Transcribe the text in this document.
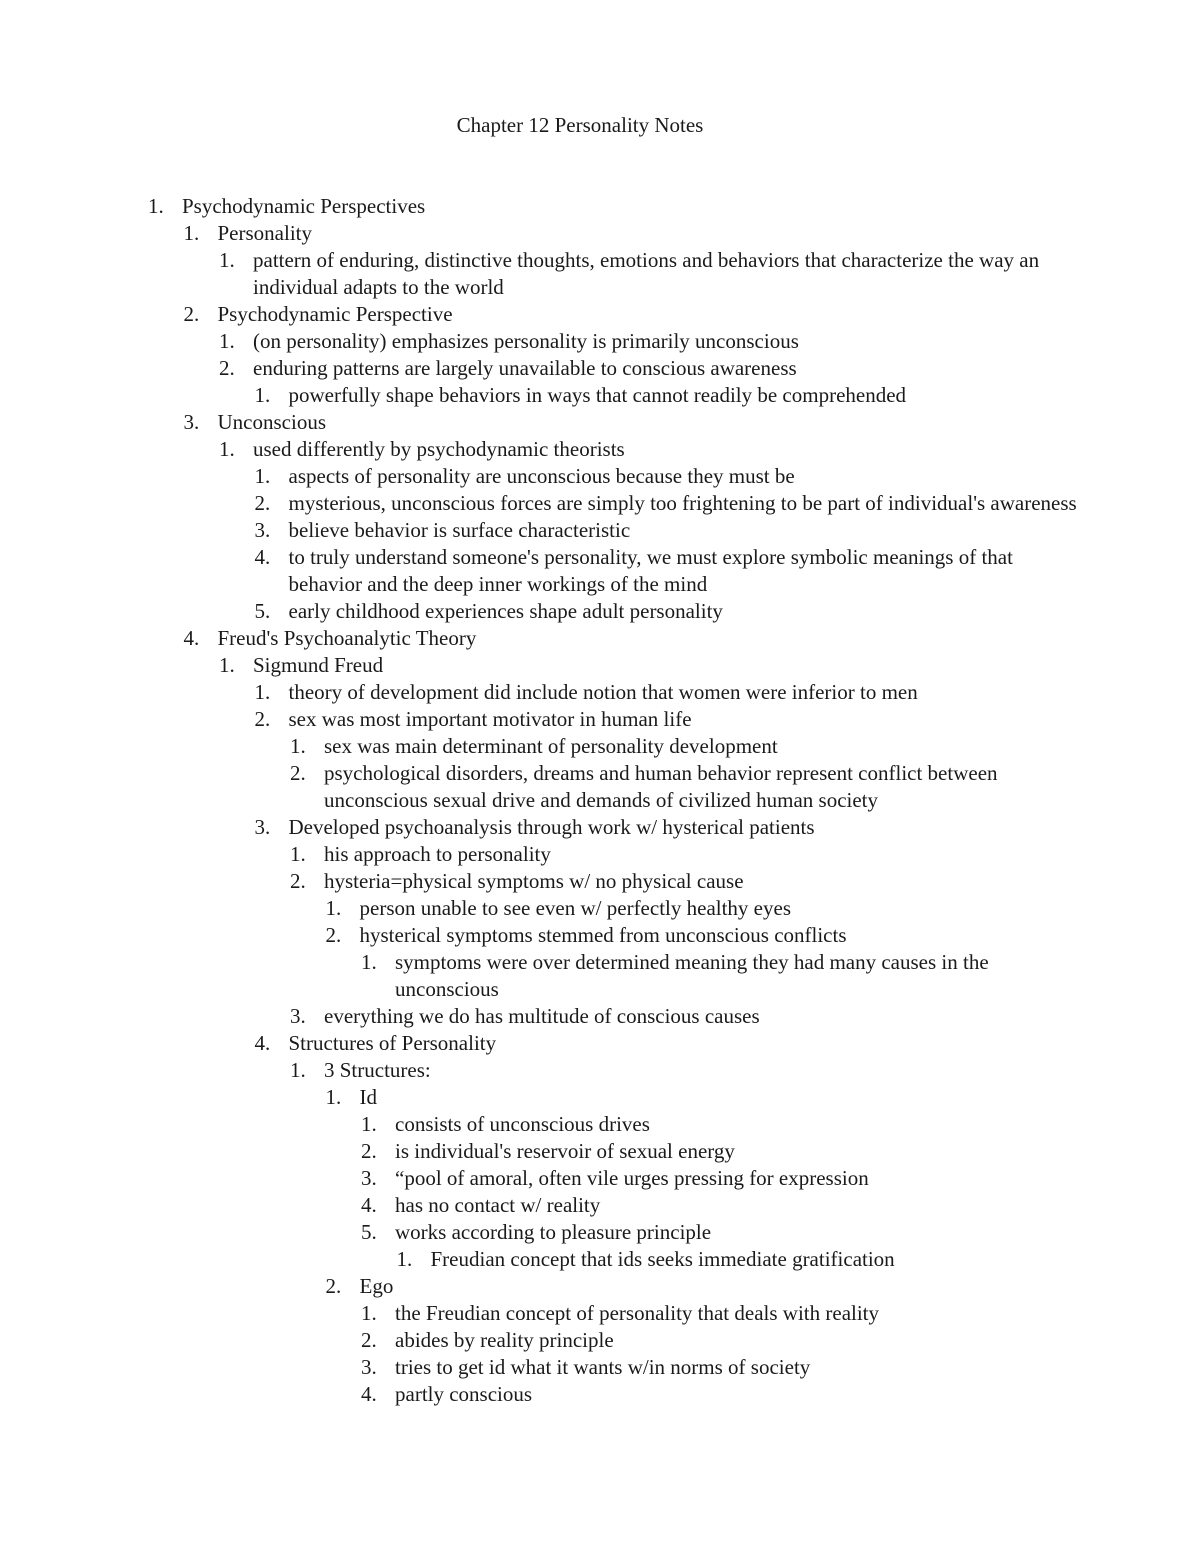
Chapter 12 Personality Notes
1. Psychodynamic Perspectives
1. Personality
1. pattern of enduring, distinctive thoughts, emotions and behaviors that characterize the way an individual adapts to the world
2. Psychodynamic Perspective
1. (on personality) emphasizes personality is primarily unconscious
2. enduring patterns are largely unavailable to conscious awareness
1. powerfully shape behaviors in ways that cannot readily be comprehended
3. Unconscious
1. used differently by psychodynamic theorists
1. aspects of personality are unconscious because they must be
2. mysterious, unconscious forces are simply too frightening to be part of individual's awareness
3. believe behavior is surface characteristic
4. to truly understand someone's personality, we must explore symbolic meanings of that behavior and the deep inner workings of the mind
5. early childhood experiences shape adult personality
4. Freud's Psychoanalytic Theory
1. Sigmund Freud
1. theory of development did include notion that women were inferior to men
2. sex was most important motivator in human life
1. sex was main determinant of personality development
2. psychological disorders, dreams and human behavior represent conflict between unconscious sexual drive and demands of civilized human society
3. Developed psychoanalysis through work w/ hysterical patients
1. his approach to personality
2. hysteria=physical symptoms w/ no physical cause
1. person unable to see even w/ perfectly healthy eyes
2. hysterical symptoms stemmed from unconscious conflicts
1. symptoms were over determined meaning they had many causes in the unconscious
3. everything we do has multitude of conscious causes
4. Structures of Personality
1. 3 Structures:
1. Id
1. consists of unconscious drives
2. is individual's reservoir of sexual energy
3. “pool of amoral, often vile urges pressing for expression
4. has no contact w/ reality
5. works according to pleasure principle
1. Freudian concept that ids seeks immediate gratification
2. Ego
1. the Freudian concept of personality that deals with reality
2. abides by reality principle
3. tries to get id what it wants w/in norms of society
4. partly conscious
